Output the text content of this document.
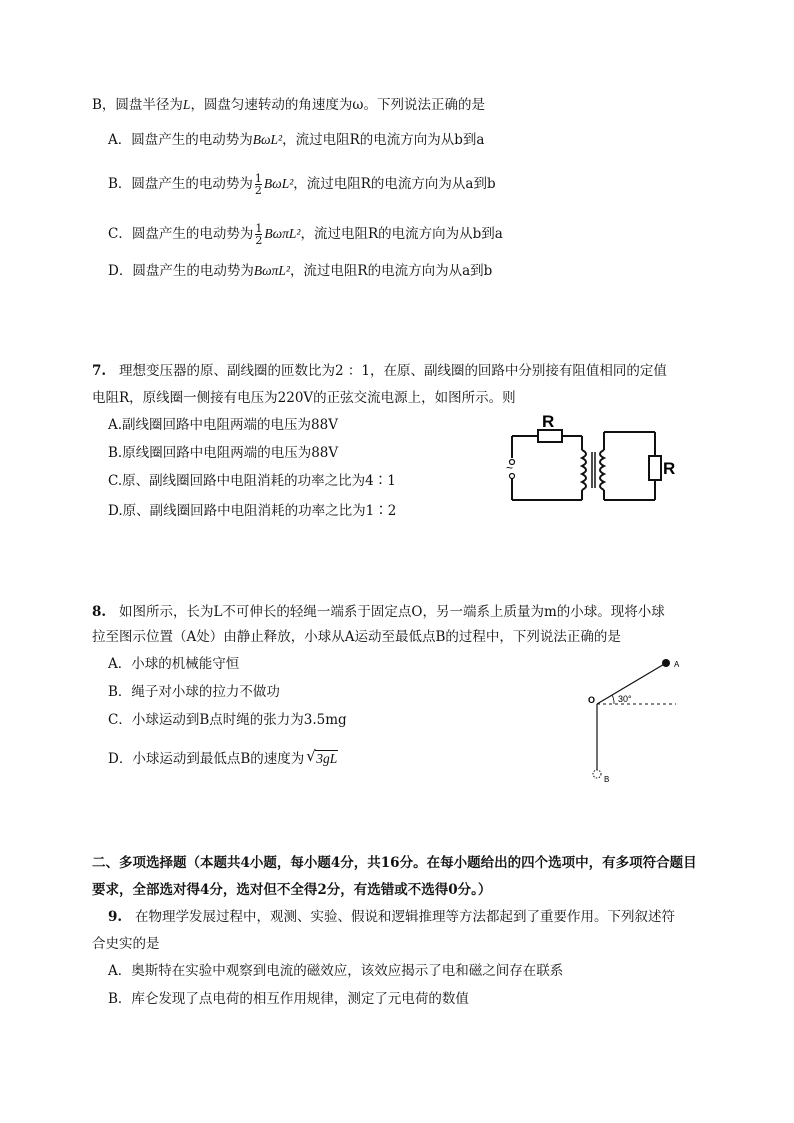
B，圆盘半径为L，圆盘匀速转动的角速度为ω。下列说法正确的是
A．圆盘产生的电动势为BωL²，流过电阻R的电流方向为从b到a
B．圆盘产生的电动势为 $\frac{1}{2} B\omega L^2$，流过电阻R的电流方向为从a到b
C．圆盘产生的电动势为 $\frac{1}{2} B\omega\pi L^2$，流过电阻R的电流方向为从b到a
D．圆盘产生的电动势为BωπL²，流过电阻R的电流方向为从a到b
7. 理想变压器的原、副线圈的匝数比为2 ：1，在原、副线圈的回路中分别接有阻值相同的定值
电阻R，原线圈一侧接有电压为220V的正弦交流电源上，如图所示。则
A.副线圈回路中电阻两端的电压为88V
B.原线圈回路中电阻两端的电压为88V
C.原、副线圈回路中电阻消耗的功率之比为4∶1
D.原、副线圈回路中电阻消耗的功率之比为1∶2
~
R
R
8. 如图所示，长为L不可伸长的轻绳一端系于固定点O，另一端系上质量为m的小球。现将小球
拉至图示位置（A处）由静止释放，小球从A运动至最低点B的过程中，下列说法正确的是
A．小球的机械能守恒
B．绳子对小球的拉力不做功
C．小球运动到B点时绳的张力为3.5mg
D．小球运动到最低点B的速度为 √ 3gL
O
A
B
30°
二、多项选择题（本题共4小题，每小题4分，共16分。在每小题给出的四个选项中，有多项符合题目
要求，全部选对得4分，选对但不全得2分，有选错或不选得0分。）
9. 在物理学发展过程中，观测、实验、假说和逻辑推理等方法都起到了重要作用。下列叙述符
合史实的是
A．奥斯特在实验中观察到电流的磁效应，该效应揭示了电和磁之间存在联系
B．库仑发现了点电荷的相互作用规律，测定了元电荷的数值
